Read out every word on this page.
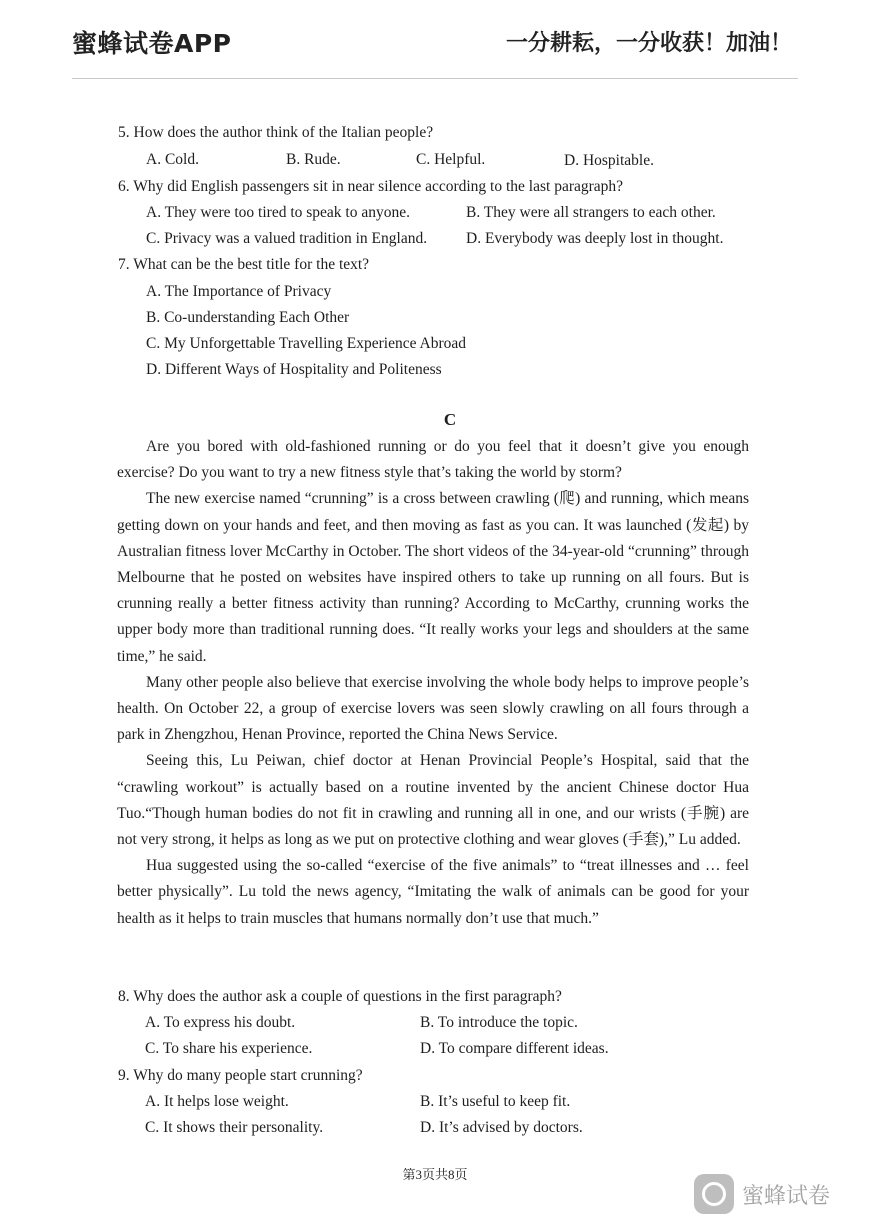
蜜蜂试卷APP	一分耕耘，一分收获！加油！
5. How does the author think of the Italian people?
A. Cold.	B. Rude.	C. Helpful.	D. Hospitable.
6. Why did English passengers sit in near silence according to the last paragraph?
A. They were too tired to speak to anyone.	B. They were all strangers to each other.
C. Privacy was a valued tradition in England.	D. Everybody was deeply lost in thought.
7. What can be the best title for the text?
A. The Importance of Privacy
B. Co-understanding Each Other
C. My Unforgettable Travelling Experience Abroad
D. Different Ways of Hospitality and Politeness
C

Are you bored with old-fashioned running or do you feel that it doesn’t give you enough exercise? Do you want to try a new fitness style that’s taking the world by storm?

The new exercise named “crunning” is a cross between crawling (爬) and running, which means getting down on your hands and feet, and then moving as fast as you can. It was launched (发起) by Australian fitness lover McCarthy in October. The short videos of the 34-year-old “crunning” through Melbourne that he posted on websites have inspired others to take up running on all fours. But is crunning really a better fitness activity than running? According to McCarthy, crunning works the upper body more than traditional running does. “It really works your legs and shoulders at the same time,” he said.

Many other people also believe that exercise involving the whole body helps to improve people’s health. On October 22, a group of exercise lovers was seen slowly crawling on all fours through a park in Zhengzhou, Henan Province, reported the China News Service.

Seeing this, Lu Peiwan, chief doctor at Henan Provincial People’s Hospital, said that the “crawling workout” is actually based on a routine invented by the ancient Chinese doctor Hua Tuo.“Though human bodies do not fit in crawling and running all in one, and our wrists (手腕) are not very strong, it helps as long as we put on protective clothing and wear gloves (手套),” Lu added.

Hua suggested using the so-called “exercise of the five animals” to “treat illnesses and … feel better physically”. Lu told the news agency, “Imitating the walk of animals can be good for your health as it helps to train muscles that humans normally don’t use that much.”

8. Why does the author ask a couple of questions in the first paragraph?
A. To express his doubt.	B. To introduce the topic.
C. To share his experience.	D. To compare different ideas.
9. Why do many people start crunning?
A. It helps lose weight.	B. It’s useful to keep fit.
C. It shows their personality.	D. It’s advised by doctors.
第3页共8页
蜜蜂试卷
